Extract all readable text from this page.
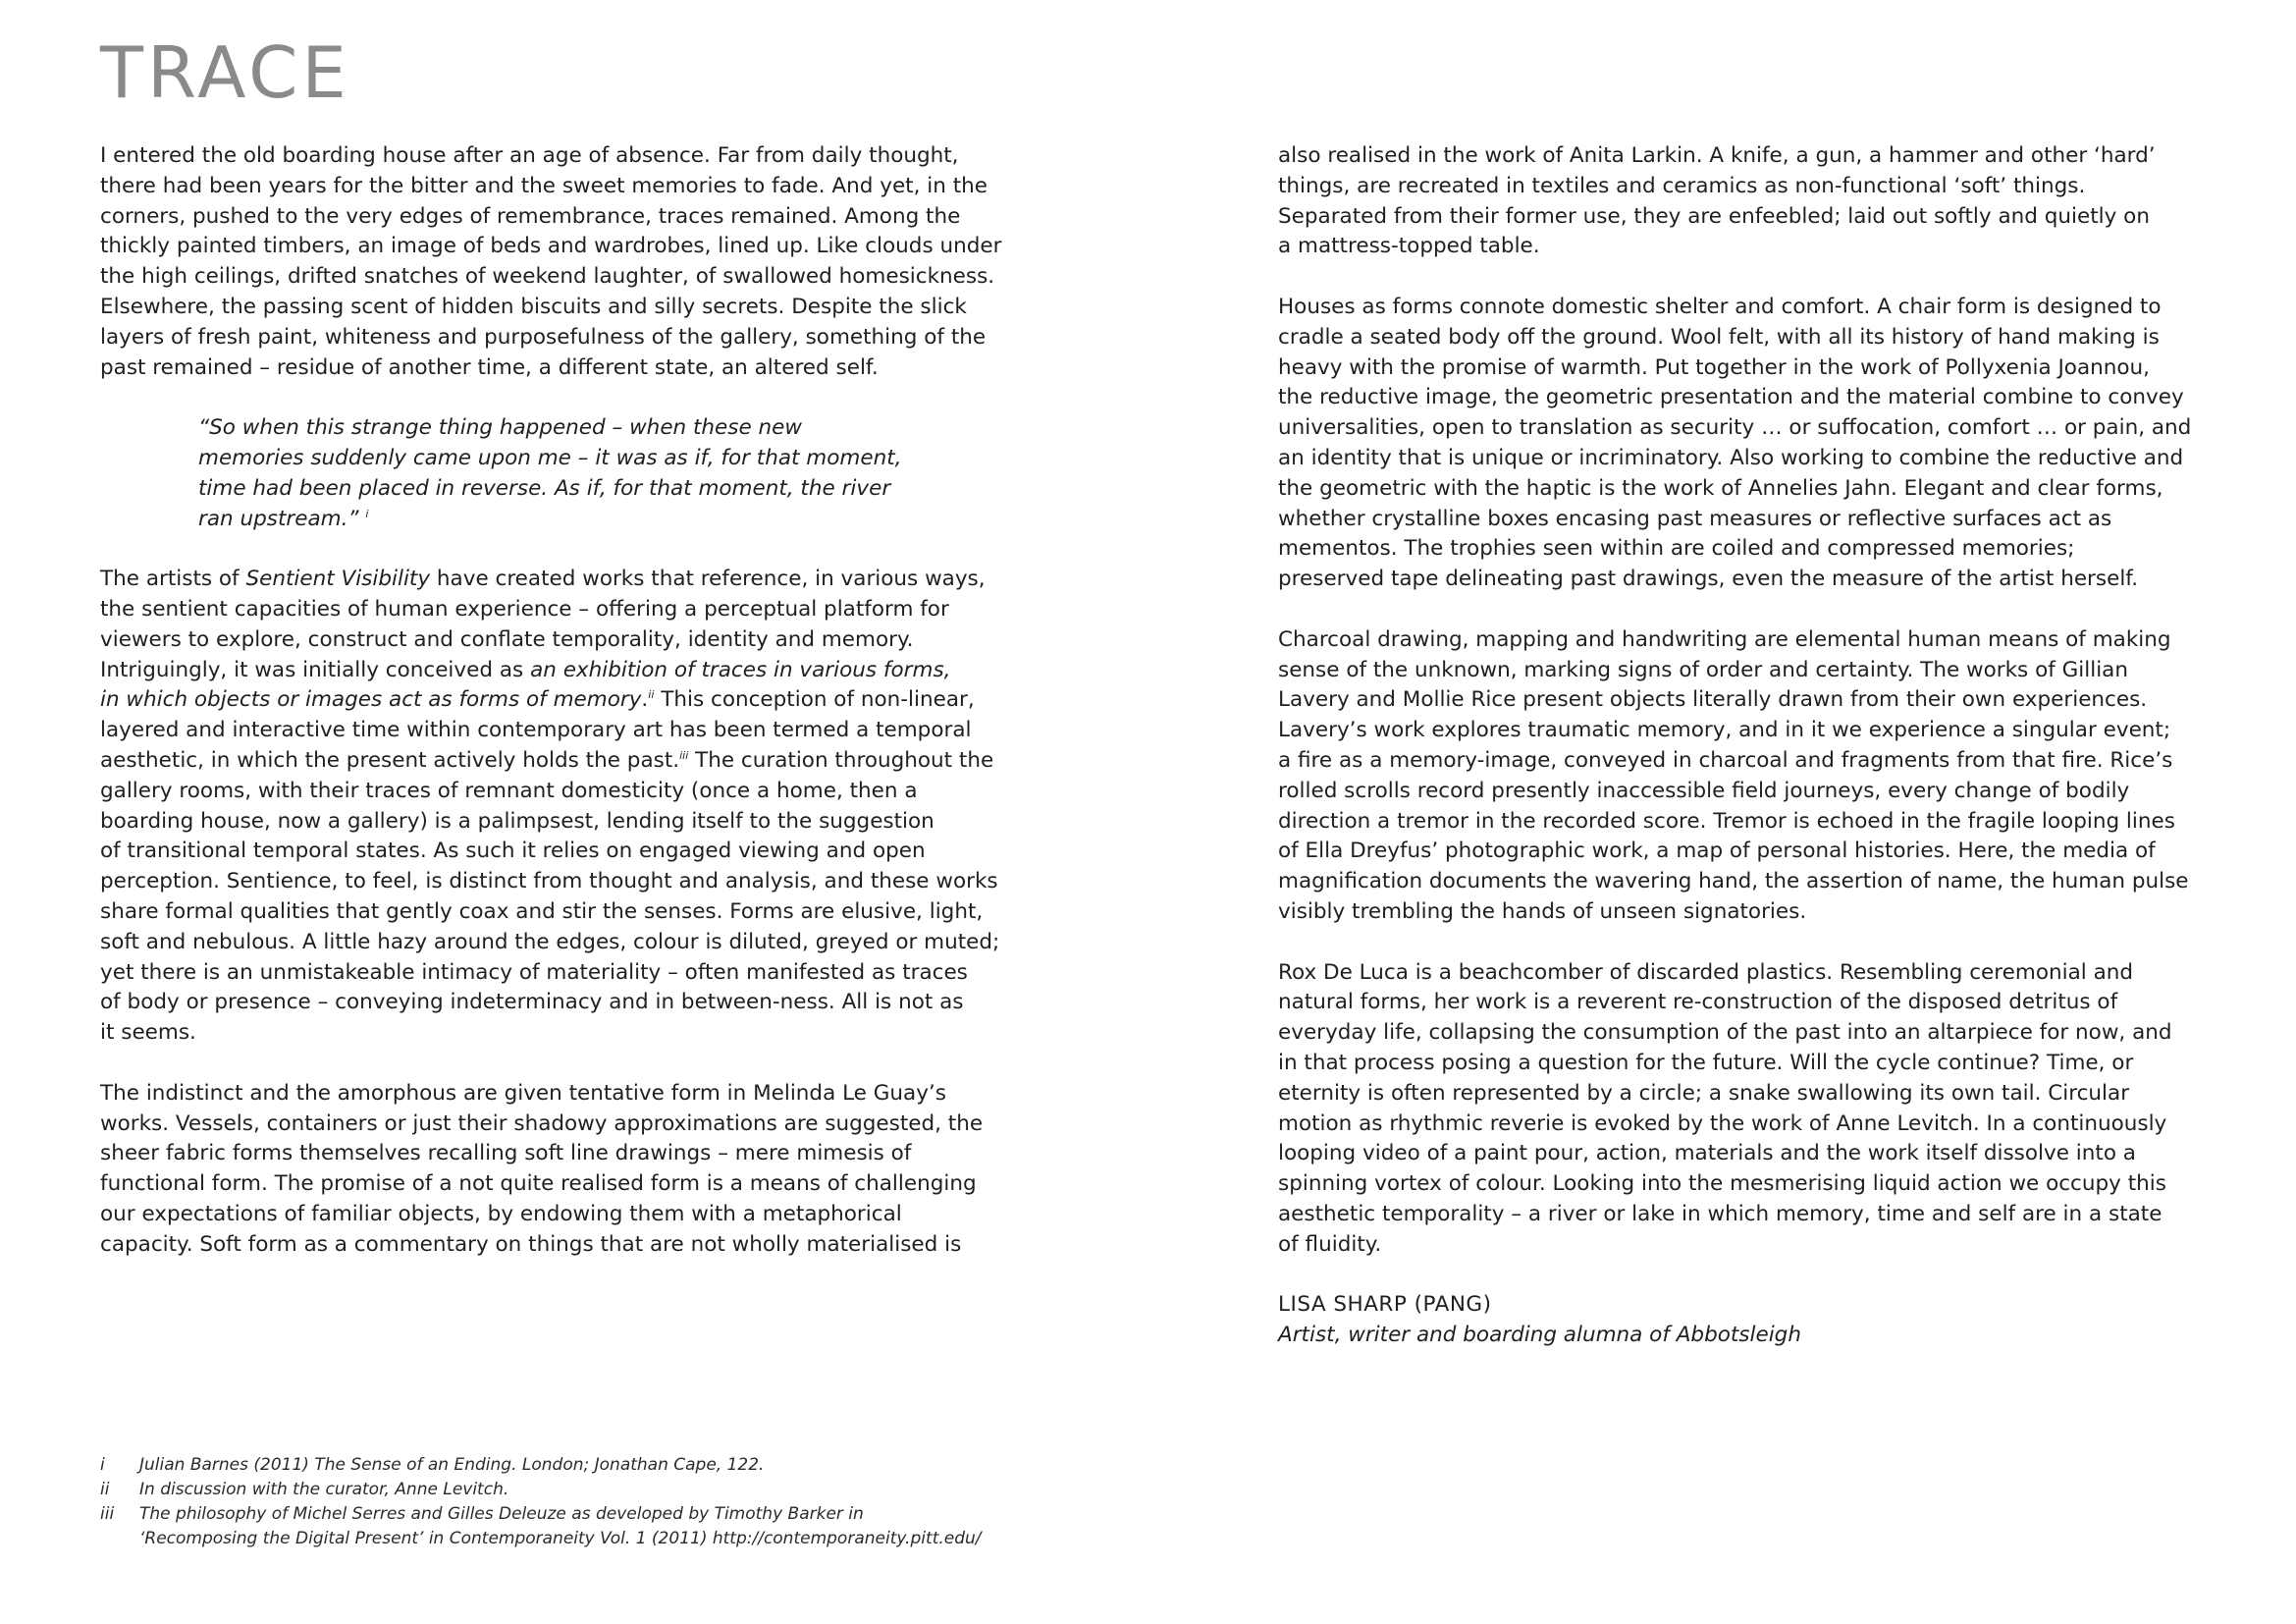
TRACE

I entered the old boarding house after an age of absence. Far from daily thought,
there had been years for the bitter and the sweet memories to fade. And yet, in the
corners, pushed to the very edges of remembrance, traces remained. Among the
thickly painted timbers, an image of beds and wardrobes, lined up. Like clouds under
the high ceilings, drifted snatches of weekend laughter, of swallowed homesickness.
Elsewhere, the passing scent of hidden biscuits and silly secrets. Despite the slick
layers of fresh paint, whiteness and purposefulness of the gallery, something of the
past remained – residue of another time, a different state, an altered self.

“So when this strange thing happened – when these new
memories suddenly came upon me – it was as if, for that moment,
time had been placed in reverse. As if, for that moment, the river
ran upstream.” $^i$

The artists of Sentient Visibility have created works that reference, in various ways,
the sentient capacities of human experience – offering a perceptual platform for
viewers to explore, construct and conflate temporality, identity and memory.
Intriguingly, it was initially conceived as an exhibition of traces in various forms,
in which objects or images act as forms of memory.$^{ii}$ This conception of non-linear,
layered and interactive time within contemporary art has been termed a temporal
aesthetic, in which the present actively holds the past.$^{iii}$ The curation throughout the
gallery rooms, with their traces of remnant domesticity (once a home, then a
boarding house, now a gallery) is a palimpsest, lending itself to the suggestion
of transitional temporal states. As such it relies on engaged viewing and open
perception. Sentience, to feel, is distinct from thought and analysis, and these works
share formal qualities that gently coax and stir the senses. Forms are elusive, light,
soft and nebulous. A little hazy around the edges, colour is diluted, greyed or muted;
yet there is an unmistakeable intimacy of materiality – often manifested as traces
of body or presence – conveying indeterminacy and in between-ness. All is not as
it seems.

The indistinct and the amorphous are given tentative form in Melinda Le Guay’s
works. Vessels, containers or just their shadowy approximations are suggested, the
sheer fabric forms themselves recalling soft line drawings – mere mimesis of
functional form. The promise of a not quite realised form is a means of challenging
our expectations of familiar objects, by endowing them with a metaphorical
capacity. Soft form as a commentary on things that are not wholly materialised is

also realised in the work of Anita Larkin. A knife, a gun, a hammer and other ‘hard’
things, are recreated in textiles and ceramics as non-functional ‘soft’ things.
Separated from their former use, they are enfeebled; laid out softly and quietly on
a mattress-topped table.

Houses as forms connote domestic shelter and comfort. A chair form is designed to
cradle a seated body off the ground. Wool felt, with all its history of hand making is
heavy with the promise of warmth. Put together in the work of Pollyxenia Joannou,
the reductive image, the geometric presentation and the material combine to convey
universalities, open to translation as security … or suffocation, comfort … or pain, and
an identity that is unique or incriminatory. Also working to combine the reductive and
the geometric with the haptic is the work of Annelies Jahn. Elegant and clear forms,
whether crystalline boxes encasing past measures or reflective surfaces act as
mementos. The trophies seen within are coiled and compressed memories;
preserved tape delineating past drawings, even the measure of the artist herself.

Charcoal drawing, mapping and handwriting are elemental human means of making
sense of the unknown, marking signs of order and certainty. The works of Gillian
Lavery and Mollie Rice present objects literally drawn from their own experiences.
Lavery’s work explores traumatic memory, and in it we experience a singular event;
a fire as a memory-image, conveyed in charcoal and fragments from that fire. Rice’s
rolled scrolls record presently inaccessible field journeys, every change of bodily
direction a tremor in the recorded score. Tremor is echoed in the fragile looping lines
of Ella Dreyfus’ photographic work, a map of personal histories. Here, the media of
magnification documents the wavering hand, the assertion of name, the human pulse
visibly trembling the hands of unseen signatories.

Rox De Luca is a beachcomber of discarded plastics. Resembling ceremonial and
natural forms, her work is a reverent re-construction of the disposed detritus of
everyday life, collapsing the consumption of the past into an altarpiece for now, and
in that process posing a question for the future. Will the cycle continue? Time, or
eternity is often represented by a circle; a snake swallowing its own tail. Circular
motion as rhythmic reverie is evoked by the work of Anne Levitch. In a continuously
looping video of a paint pour, action, materials and the work itself dissolve into a
spinning vortex of colour. Looking into the mesmerising liquid action we occupy this
aesthetic temporality – a river or lake in which memory, time and self are in a state
of fluidity.

LISA SHARP (PANG)
Artist, writer and boarding alumna of Abbotsleigh
i	Julian Barnes (2011) The Sense of an Ending. London; Jonathan Cape, 122.
ii	In discussion with the curator, Anne Levitch.
iii	The philosophy of Michel Serres and Gilles Deleuze as developed by Timothy Barker in
‘Recomposing the Digital Present’ in Contemporaneity Vol. 1 (2011) http://contemporaneity.pitt.edu/
